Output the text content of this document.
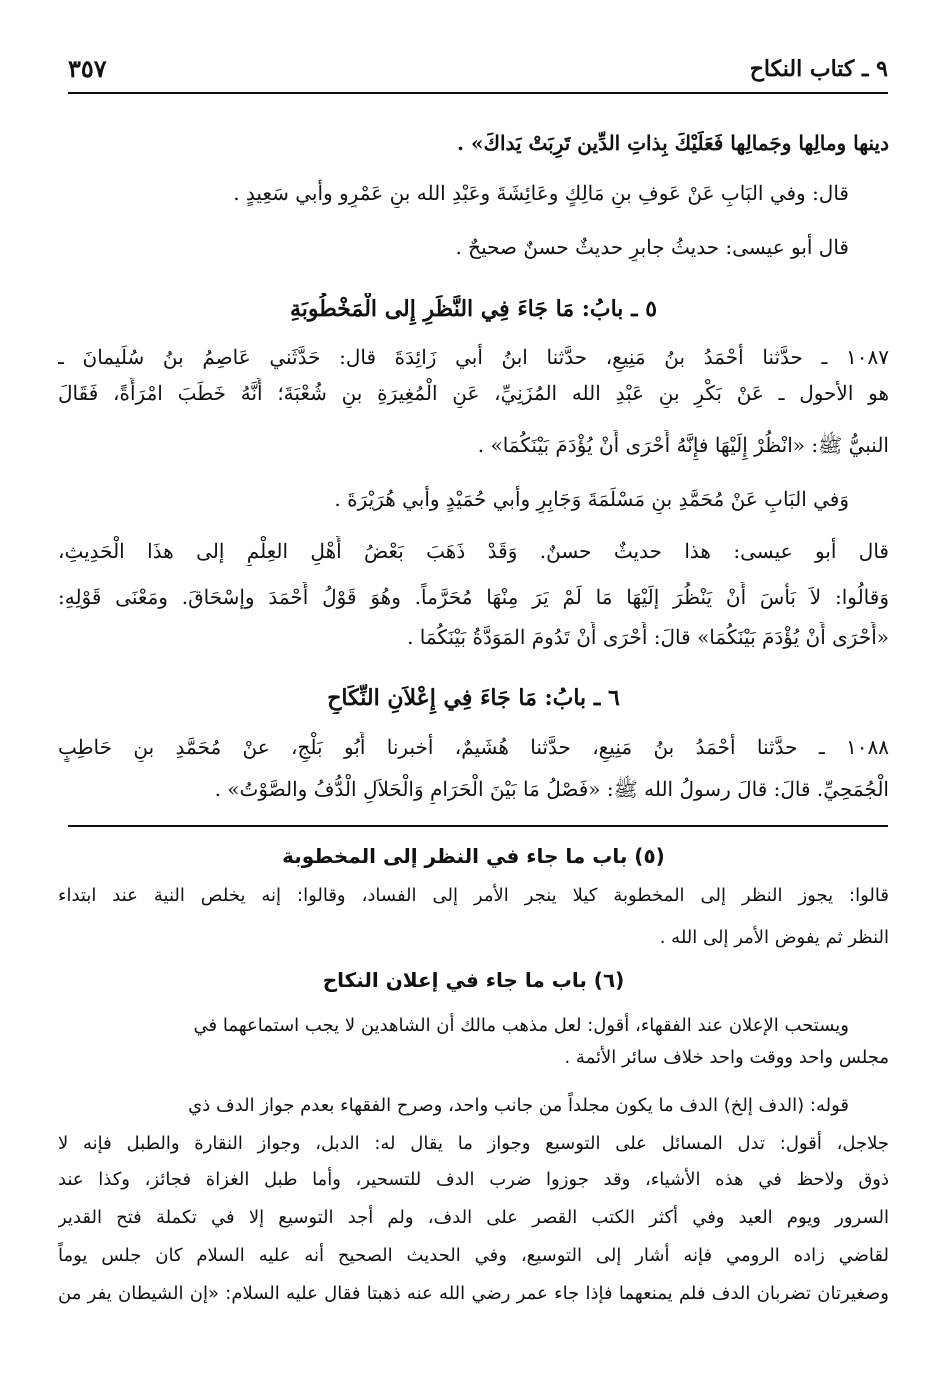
٩ ـ كتاب النكاح
٣٥٧
دينها ومالِها وجَمالِها فَعَلَيْكَ بِذاتِ الدِّين تَرِبَتْ يَداكَ» .
قال: وفي البَابِ عَنْ عَوفِ بنِ مَالِكٍ وعَائِشَةَ وعَبْدِ الله بنِ عَمْرٍو وأبي سَعِيدٍ .
قال أبو عيسى: حديثُ جابرٍ حديثٌ حسنٌ صحيحٌ .
٥ ـ بابُ: مَا جَاءَ فِي النَّظَرِ إِلى الْمَخْطُوبَةِ
١٠٨٧ ـ حدَّثنا أحْمَدُ بنُ مَنِيعٍ، حدَّثنا ابنُ أبي زَائِدَةَ قال: حَدَّثَني عَاصِمُ بنُ سُلَيمانَ ـ
هو الأحول ـ عَنْ بَكْرِ بنِ عَبْدِ الله المُزَنِيِّ، عَنِ الْمُغِيرَةِ بنِ شُعْبَةَ؛ أَنَّهُ خَطَبَ امْرَأَةً، فَقَالَ
النبيُّ ﷺ: «انْظُرْ إِلَيْهَا فإِنَّهُ أَحْرَى أَنْ يُؤْدَمَ بَيْنَكُمَا» .
وَفي البَابِ عَنْ مُحَمَّدِ بنِ مَسْلَمَةَ وَجَابِرٍ وأبي حُمَيْدٍ وأبي هُرَيْرَةَ .
قال أبو عيسى: هذا حديثٌ حسنٌ. وَقَدْ ذَهَبَ بَعْضُ أَهْلِ العِلْمِ إلى هذَا الْحَدِيثِ،
وَقالُوا: لاَ بَأْسَ أَنْ يَنْظُرَ إلَيْهَا مَا لَمْ يَرَ مِنْهَا مُحَرَّماً. وهُوَ قَوْلُ أَحْمَدَ وإسْحَاقَ. ومَعْنَى قَوْلِهِ:
«أَحْرَى أَنْ يُؤْدَمَ بَيْنَكُمَا» قالَ: أَحْرَى أَنْ تَدُومَ المَوَدَّةُ بَيْنَكُمَا .
٦ ـ بابُ: مَا جَاءَ فِي إِعْلاَنِ النِّكَاحِ
١٠٨٨ ـ حدَّثنا أحْمَدُ بنُ مَنِيعٍ، حدَّثنا هُشَيمٌ، أخبرنا أَبُو بَلْجٍ، عنْ مُحَمَّدِ بنِ حَاطِبٍ
الْجُمَحِيِّ. قالَ: قالَ رسولُ الله ﷺ: «فَصْلُ مَا بَيْنَ الْحَرَامِ وَالْحَلاَلِ الْدُّفُ والصَّوْتُ» .
(٥) باب ما جاء في النظر إلى المخطوبة
قالوا: يجوز النظر إلى المخطوبة كيلا ينجر الأمر إلى الفساد، وقالوا: إنه يخلص النية عند ابتداء
النظر ثم يفوض الأمر إلى الله .
(٦) باب ما جاء في إعلان النكاح
ويستحب الإعلان عند الفقهاء، أقول: لعل مذهب مالك أن الشاهدين لا يجب استماعهما في
مجلس واحد ووقت واحد خلاف سائر الأئمة .
قوله: (الدف إلخ) الدف ما يكون مجلداً من جانب واحد، وصرح الفقهاء بعدم جواز الدف ذي
جلاجل، أقول: تدل المسائل على التوسيع وجواز ما يقال له: الدبل، وجواز النقارة والطبل فإنه لا
ذوق ولاحظ في هذه الأشياء، وقد جوزوا ضرب الدف للتسحير، وأما طبل الغزاة فجائز، وكذا عند
السرور ويوم العيد وفي أكثر الكتب القصر على الدف، ولم أجد التوسيع إلا في تكملة فتح القدير
لقاضي زاده الرومي فإنه أشار إلى التوسيع، وفي الحديث الصحيح أنه عليه السلام كان جلس يوماً
وصغيرتان تضربان الدف فلم يمنعهما فإذا جاء عمر رضي الله عنه ذهبتا فقال عليه السلام: «إن الشيطان يفر من
